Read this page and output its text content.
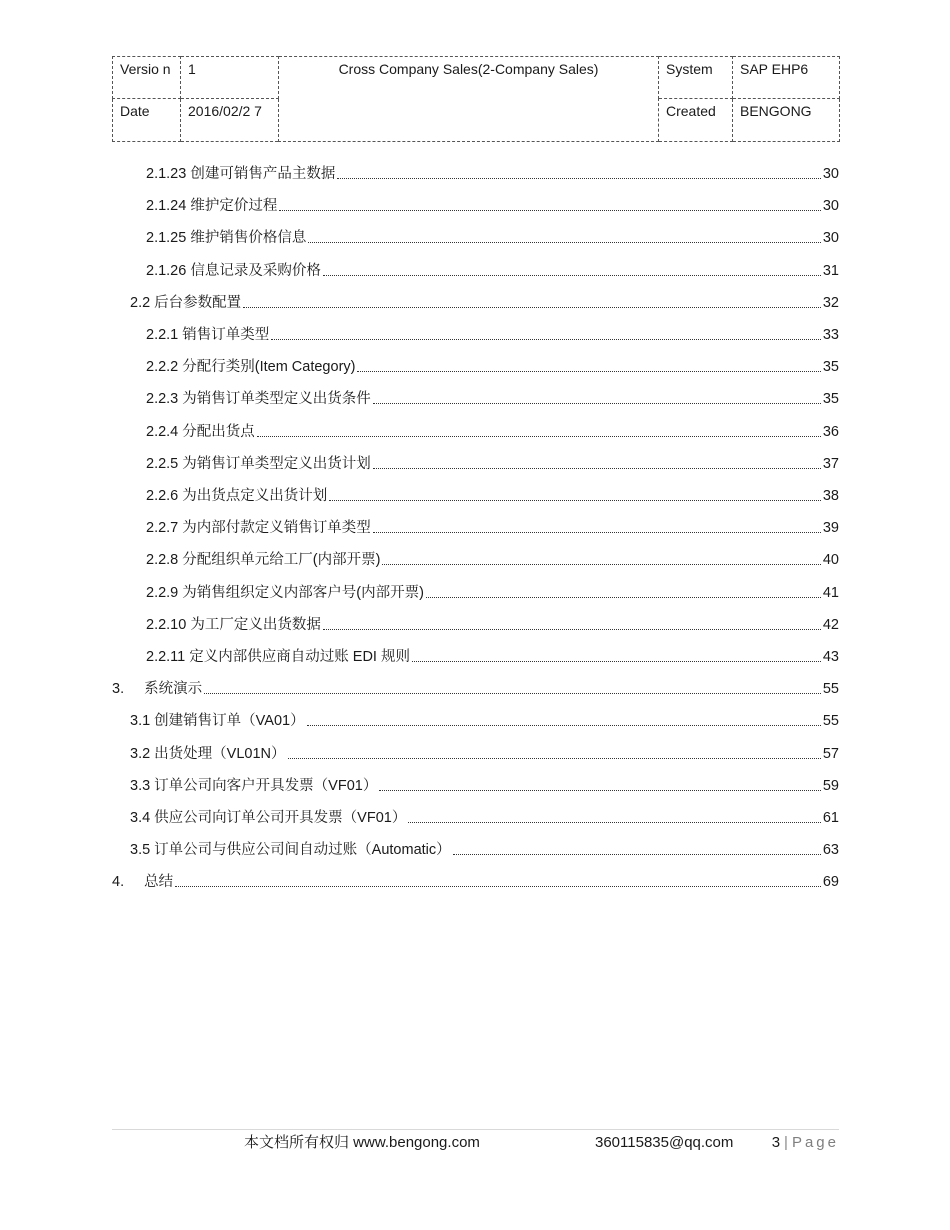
Versio n	1	Cross Company Sales(2-Company Sales)	System	SAP EHP6
Date	2016/02/2 7		Created	BENGONG
2.1.23 创建可销售产品主数据	30
2.1.24 维护定价过程	30
2.1.25 维护销售价格信息	30
2.1.26 信息记录及采购价格	31
2.2 后台参数配置	32
2.2.1 销售订单类型	33
2.2.2 分配行类别(Item Category)	35
2.2.3 为销售订单类型定义出货条件	35
2.2.4 分配出货点	36
2.2.5 为销售订单类型定义出货计划	37
2.2.6 为出货点定义出货计划	38
2.2.7 为内部付款定义销售订单类型	39
2.2.8 分配组织单元给工厂(内部开票)	40
2.2.9 为销售组织定义内部客户号(内部开票)	41
2.2.10 为工厂定义出货数据	42
2.2.11 定义内部供应商自动过账 EDI 规则	43
3. 系统演示	55
3.1 创建销售订单（VA01）	55
3.2 出货处理（VL01N）	57
3.3 订单公司向客户开具发票（VF01）	59
3.4 供应公司向订单公司开具发票（VF01）	61
3.5 订单公司与供应公司间自动过账（Automatic）	63
4. 总结	69
本文档所有权归 www.bengong.com	360115835@qq.com	3 | Page
